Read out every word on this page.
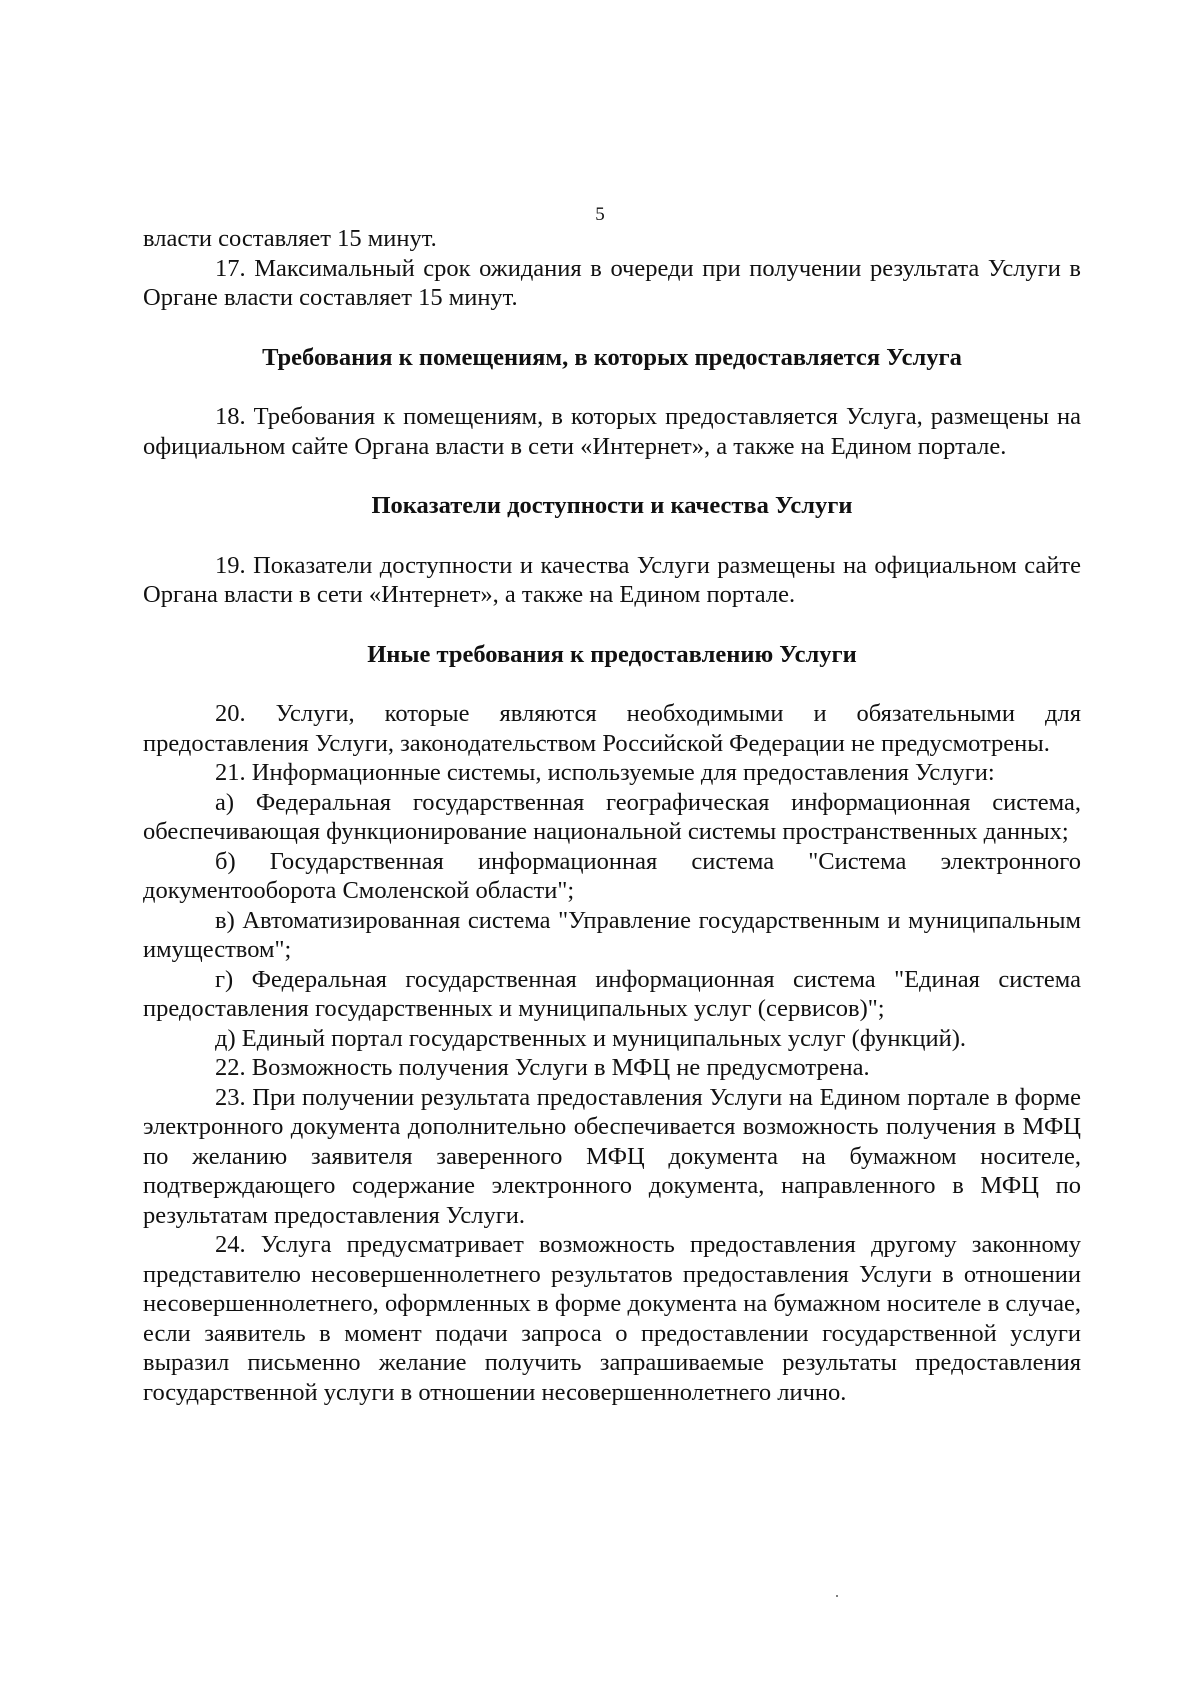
5

власти составляет 15 минут.

17. Максимальный срок ожидания в очереди при получении результата Услуги в Органе власти составляет 15 минут.

Требования к помещениям, в которых предоставляется Услуга

18. Требования к помещениям, в которых предоставляется Услуга, размещены на официальном сайте Органа власти в сети «Интернет», а также на Едином портале.

Показатели доступности и качества Услуги

19. Показатели доступности и качества Услуги размещены на официальном сайте Органа власти в сети «Интернет», а также на Едином портале.

Иные требования к предоставлению Услуги

20. Услуги, которые являются необходимыми и обязательными для предоставления Услуги, законодательством Российской Федерации не предусмотрены.

21. Информационные системы, используемые для предоставления Услуги:

а) Федеральная государственная географическая информационная система, обеспечивающая функционирование национальной системы пространственных данных;

б) Государственная информационная система "Система электронного документооборота Смоленской области";

в) Автоматизированная система "Управление государственным и муниципальным имуществом";

г) Федеральная государственная информационная система "Единая система предоставления государственных и муниципальных услуг (сервисов)";

д) Единый портал государственных и муниципальных услуг (функций).

22. Возможность получения Услуги в МФЦ не предусмотрена.

23. При получении результата предоставления Услуги на Едином портале в форме электронного документа дополнительно обеспечивается возможность получения в МФЦ по желанию заявителя заверенного МФЦ документа на бумажном носителе, подтверждающего содержание электронного документа, направленного в МФЦ по результатам предоставления Услуги.

24. Услуга предусматривает возможность предоставления другому законному представителю несовершеннолетнего результатов предоставления Услуги в отношении несовершеннолетнего, оформленных в форме документа на бумажном носителе в случае, если заявитель в момент подачи запроса о предоставлении государственной услуги выразил письменно желание получить запрашиваемые результаты предоставления государственной услуги в отношении несовершеннолетнего лично.
